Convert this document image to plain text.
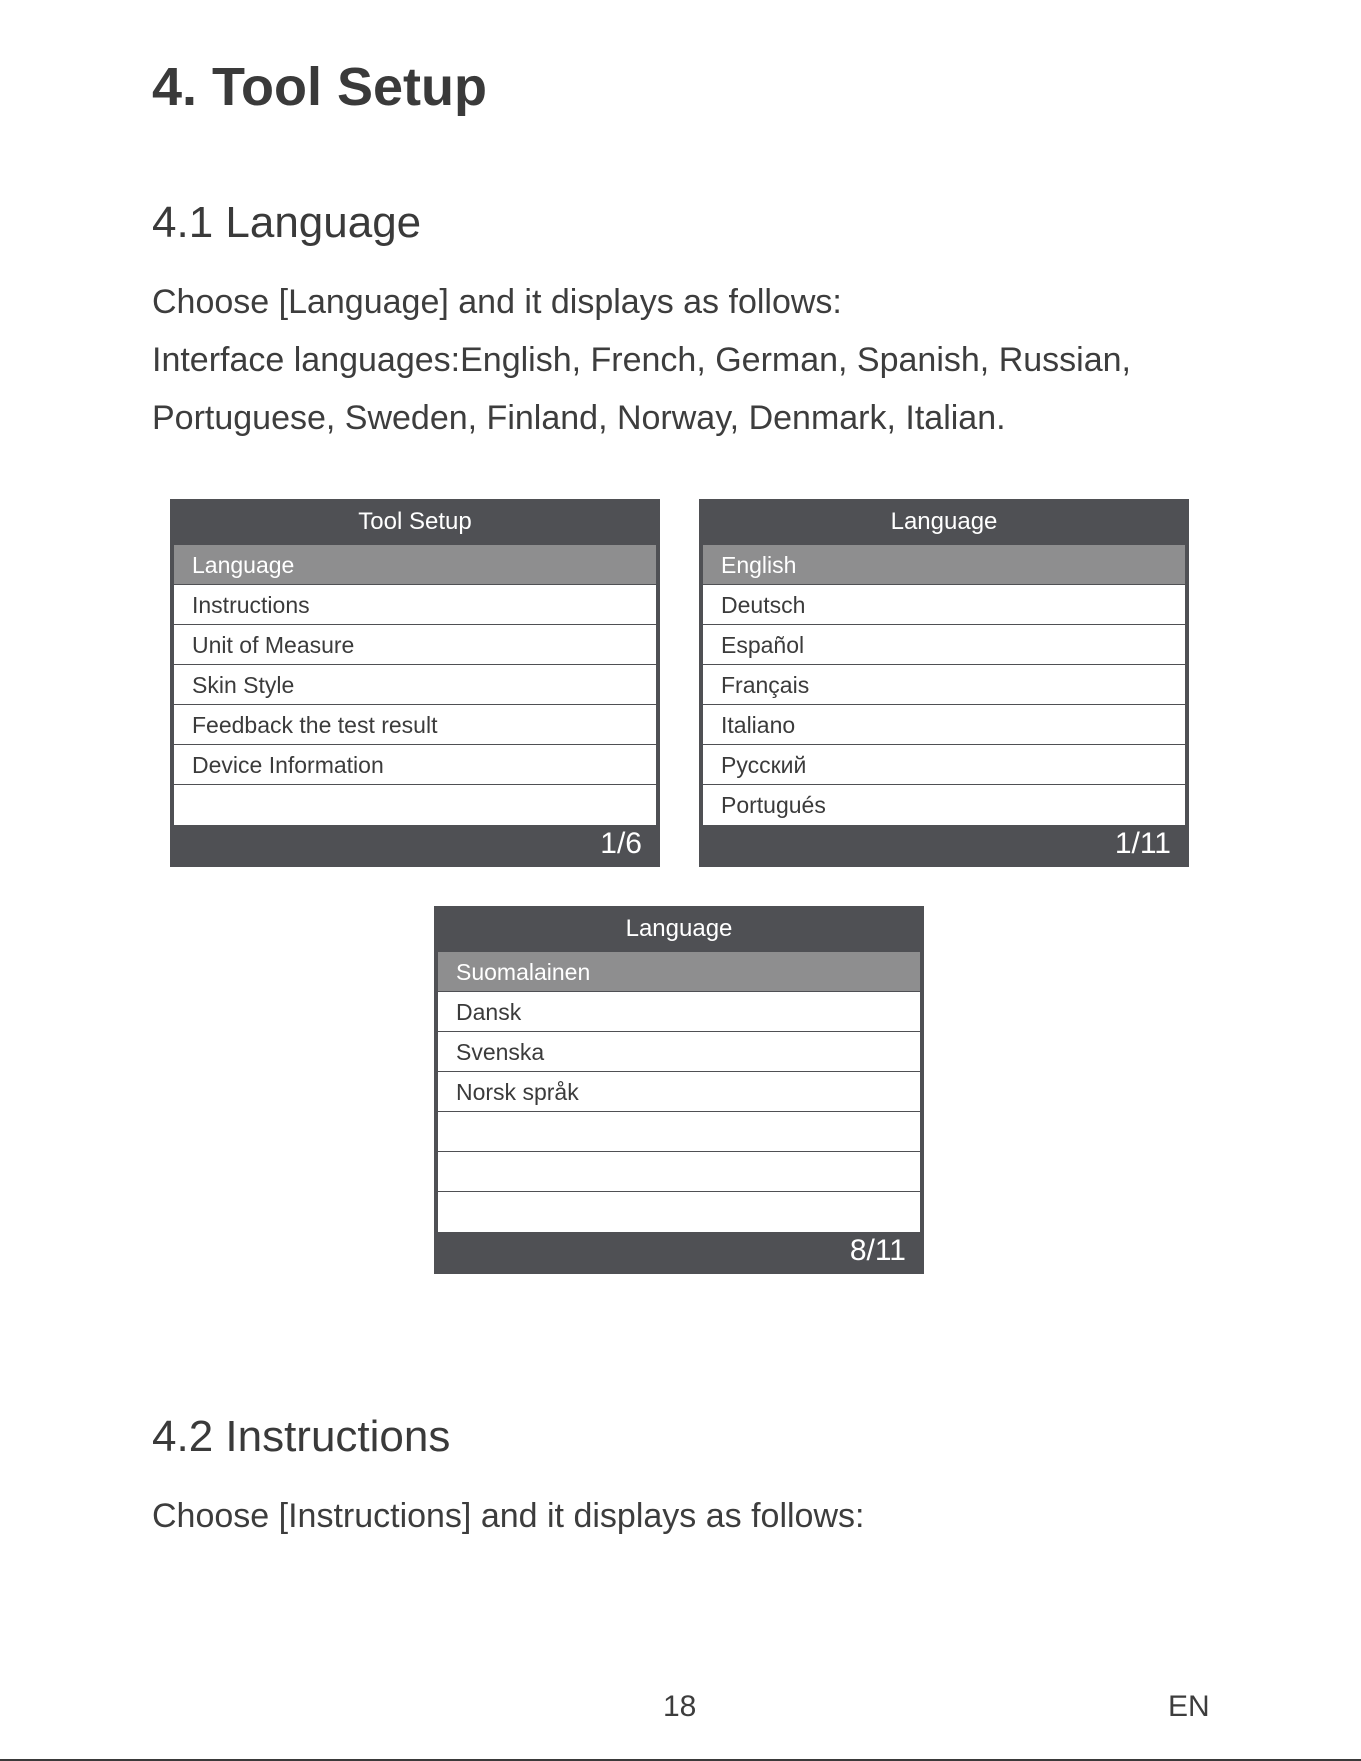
4. Tool Setup
4.1 Language

Choose [Language] and it displays as follows:

Interface languages:English, French, German, Spanish, Russian,

Portuguese, Sweden, Finland, Norway, Denmark, Italian.

Tool Setup
Language
Instructions
Unit of Measure
Skin Style
Feedback the test result
Device Information
1/6
Language
English
Deutsch
Español
Français
Italiano
Русский
Portugués
1/11
Language
Suomalainen
Dansk
Svenska
Norsk språk
8/11
4.2 Instructions

Choose [Instructions] and it displays as follows:

18	EN
